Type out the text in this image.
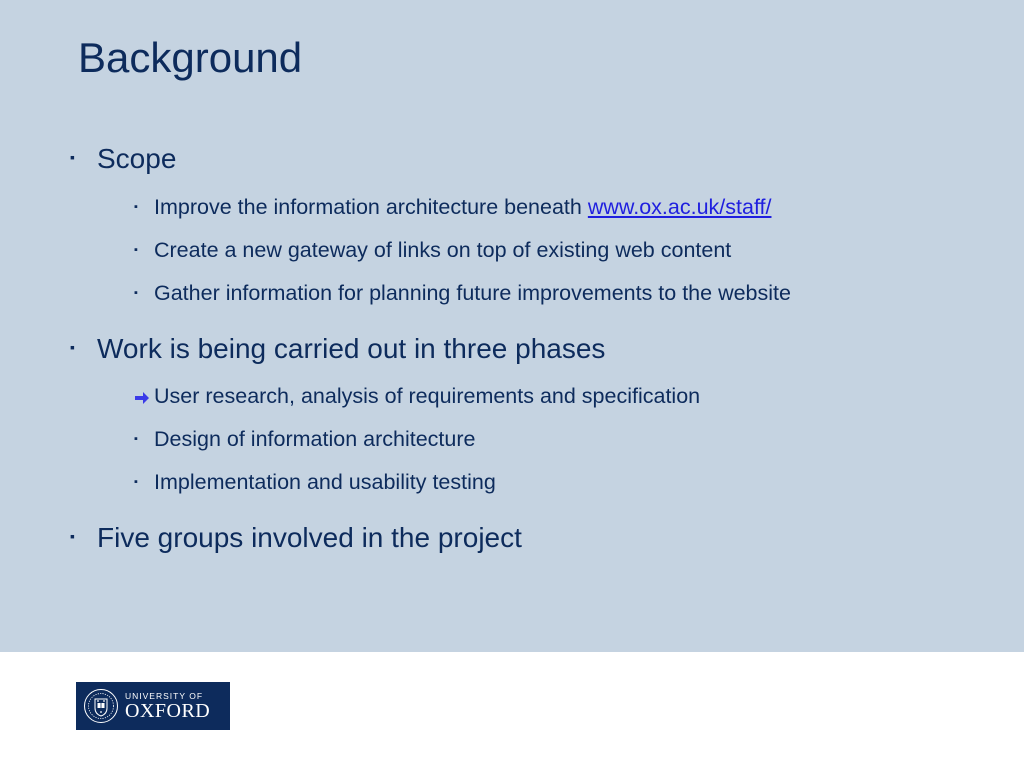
Background
▪ Scope
▪ Improve the information architecture beneath www.ox.ac.uk/staff/
▪ Create a new gateway of links on top of existing web content
▪ Gather information for planning future improvements to the website
▪ Work is being carried out in three phases
User research, analysis of requirements and specification
▪ Design of information architecture
▪ Implementation and usability testing
▪ Five groups involved in the project
UNIVERSITY OF
OXFORD
